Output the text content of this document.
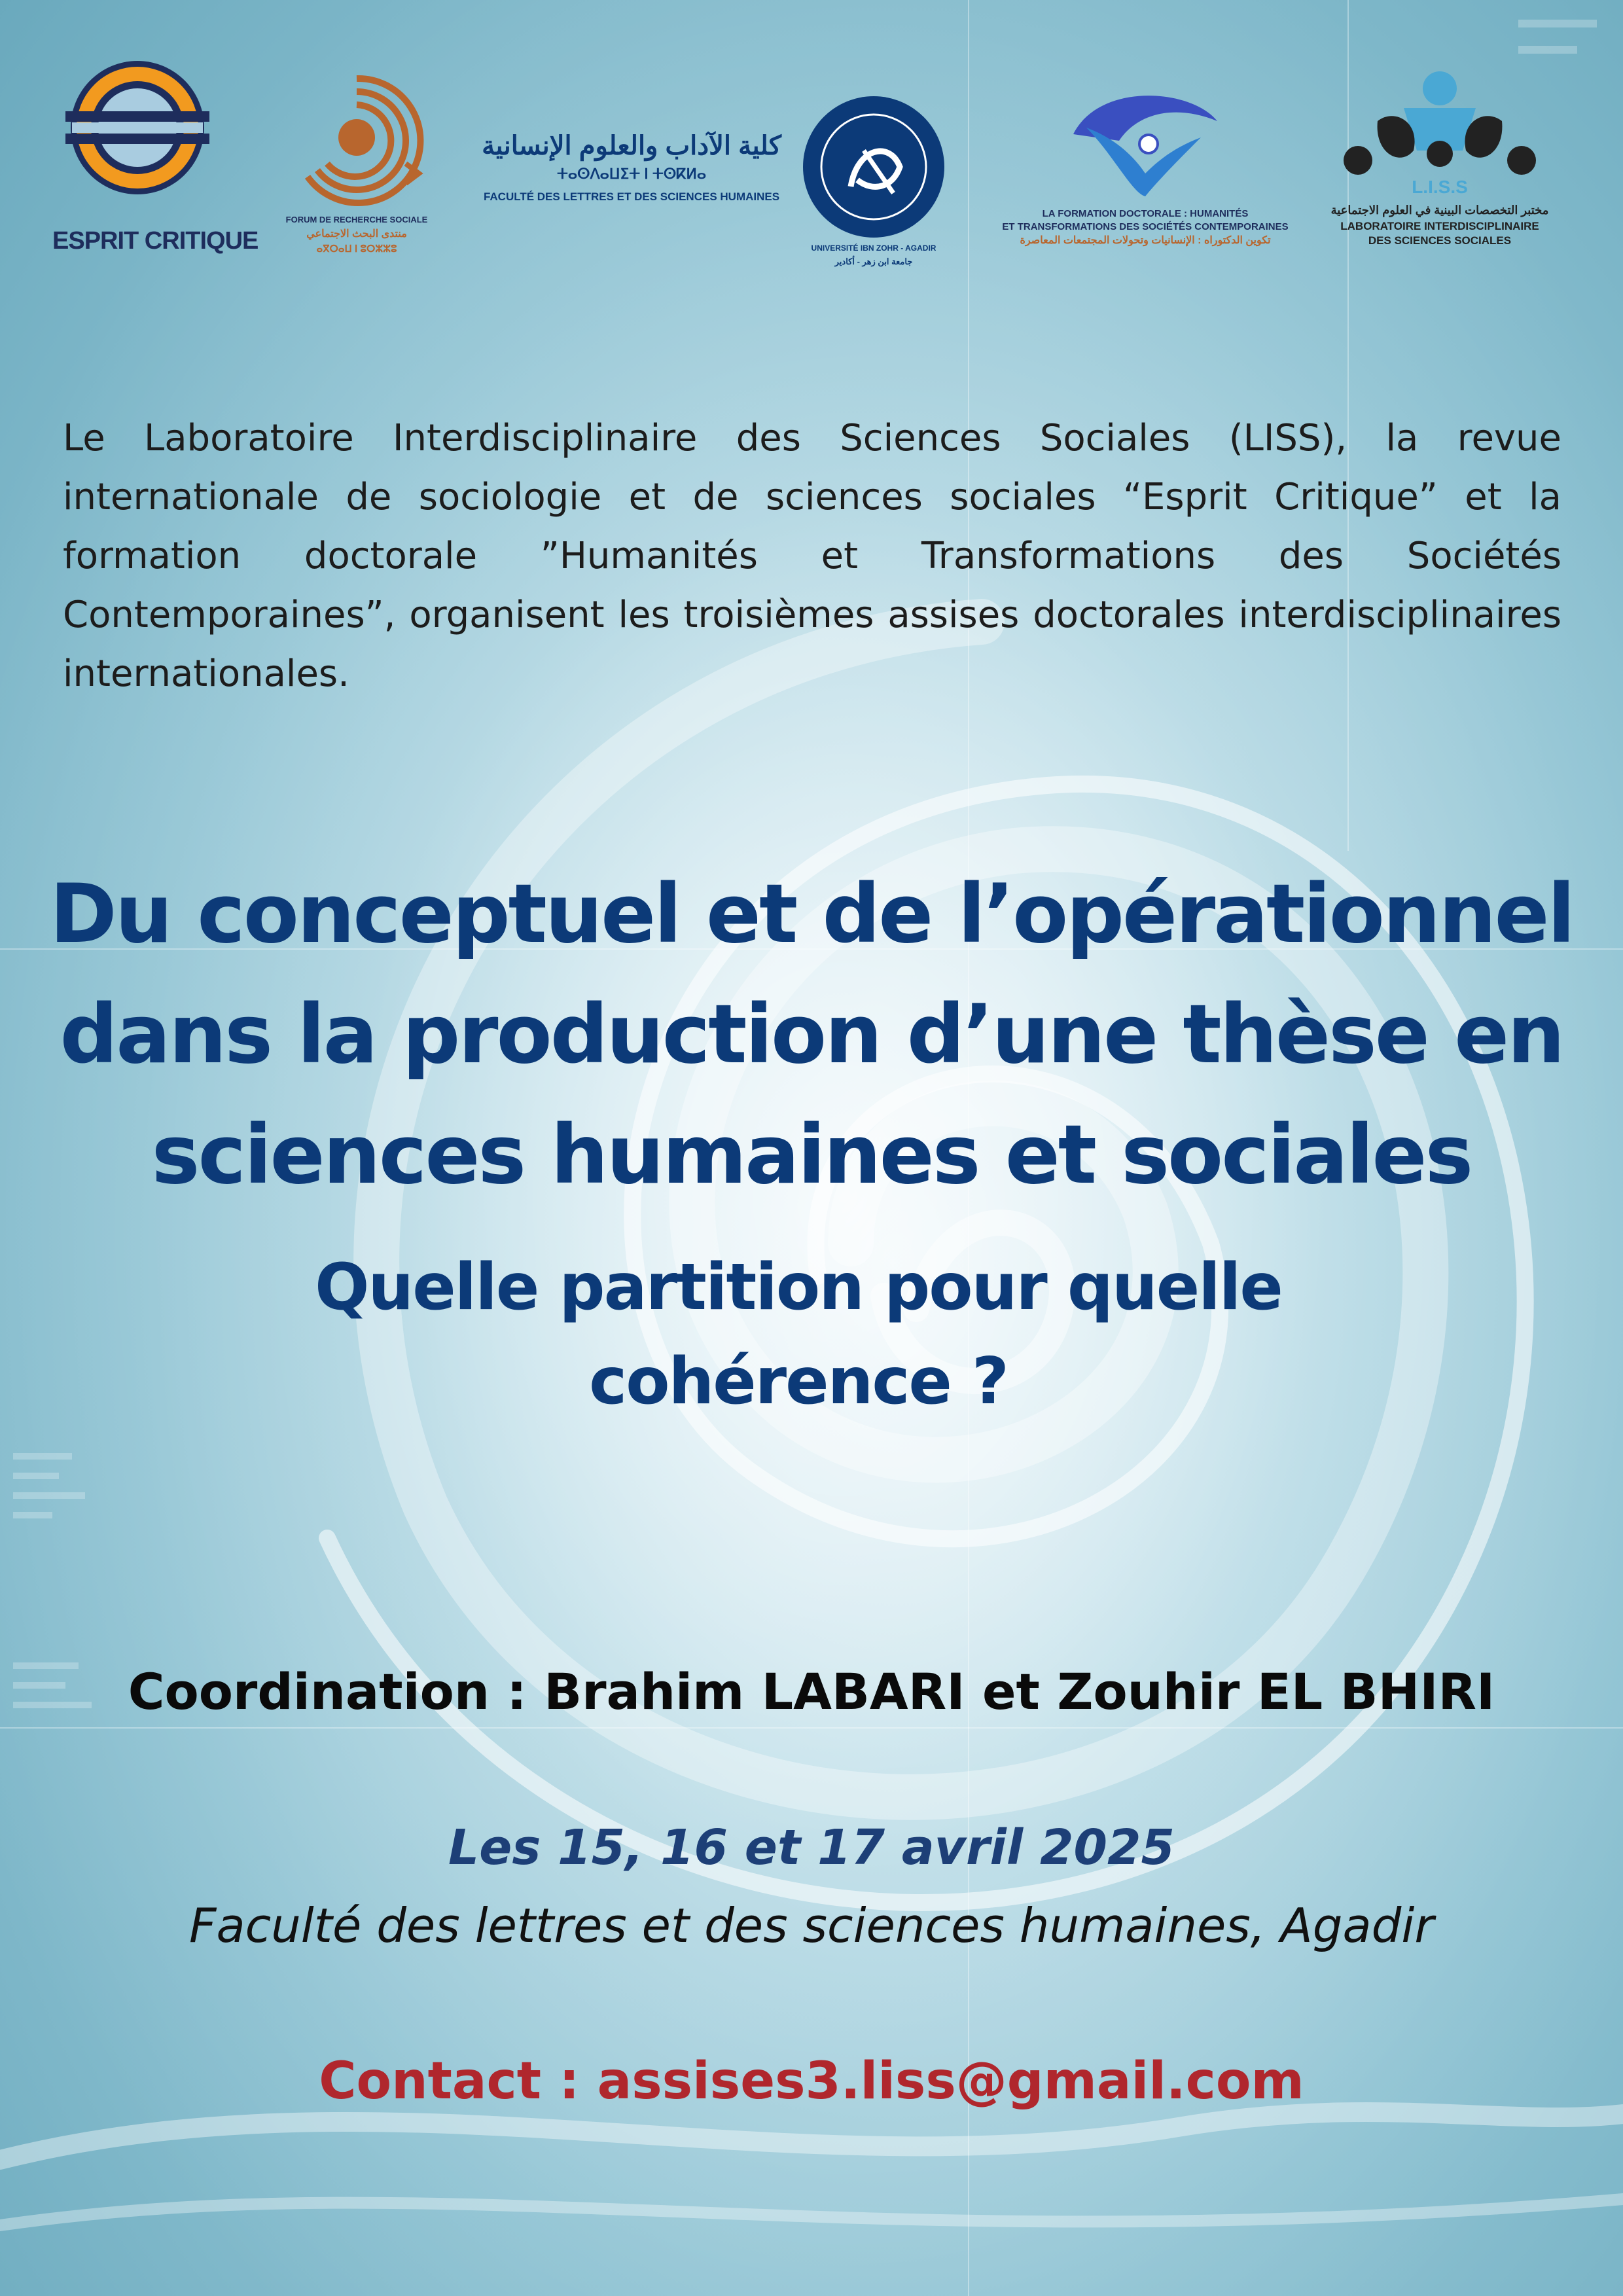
ESPRIT CRITIQUE
FORUM DE RECHERCHE SOCIALE
منتدى البحث الاجتماعي
ⴰⴳⵔⴰⵡ ⵏ ⵓⵔⵣⵣⵓ
كلية الآداب والعلوم الإنسانية
ⵜⴰⵙⴷⴰⵡⵉⵜ ⵏ ⵜⵙⴽⵍⴰ
FACULTÉ DES LETTRES ET DES SCIENCES HUMAINES
UNIVERSITÉ IBN ZOHR - AGADIR
جامعة ابن زهر - أكادير
LA FORMATION DOCTORALE : HUMANITÉS
ET TRANSFORMATIONS DES SOCIÉTÉS CONTEMPORAINES
تكوين الدكتوراه : الإنسانيات وتحولات المجتمعات المعاصرة
L.I.S.S
مختبر التخصصات البينية في العلوم الاجتماعية
LABORATOIRE INTERDISCIPLINAIRE
DES SCIENCES SOCIALES

Le Laboratoire Interdisciplinaire des Sciences Sociales (LISS), la revue internationale de sociologie et de sciences sociales “Esprit Critique” et la formation doctorale ”Humanités et Transformations des Sociétés Contemporaines”, organisent les troisièmes assises doctorales interdisciplinaires internationales.

Du conceptuel et de l’opérationnel
dans la production d’une thèse en
sciences humaines et sociales
Quelle partition pour quelle
cohérence ?
Coordination : Brahim LABARI et Zouhir EL BHIRI
Les 15, 16 et 17 avril 2025
Faculté des lettres et des sciences humaines, Agadir
Contact : assises3.liss@gmail.com
